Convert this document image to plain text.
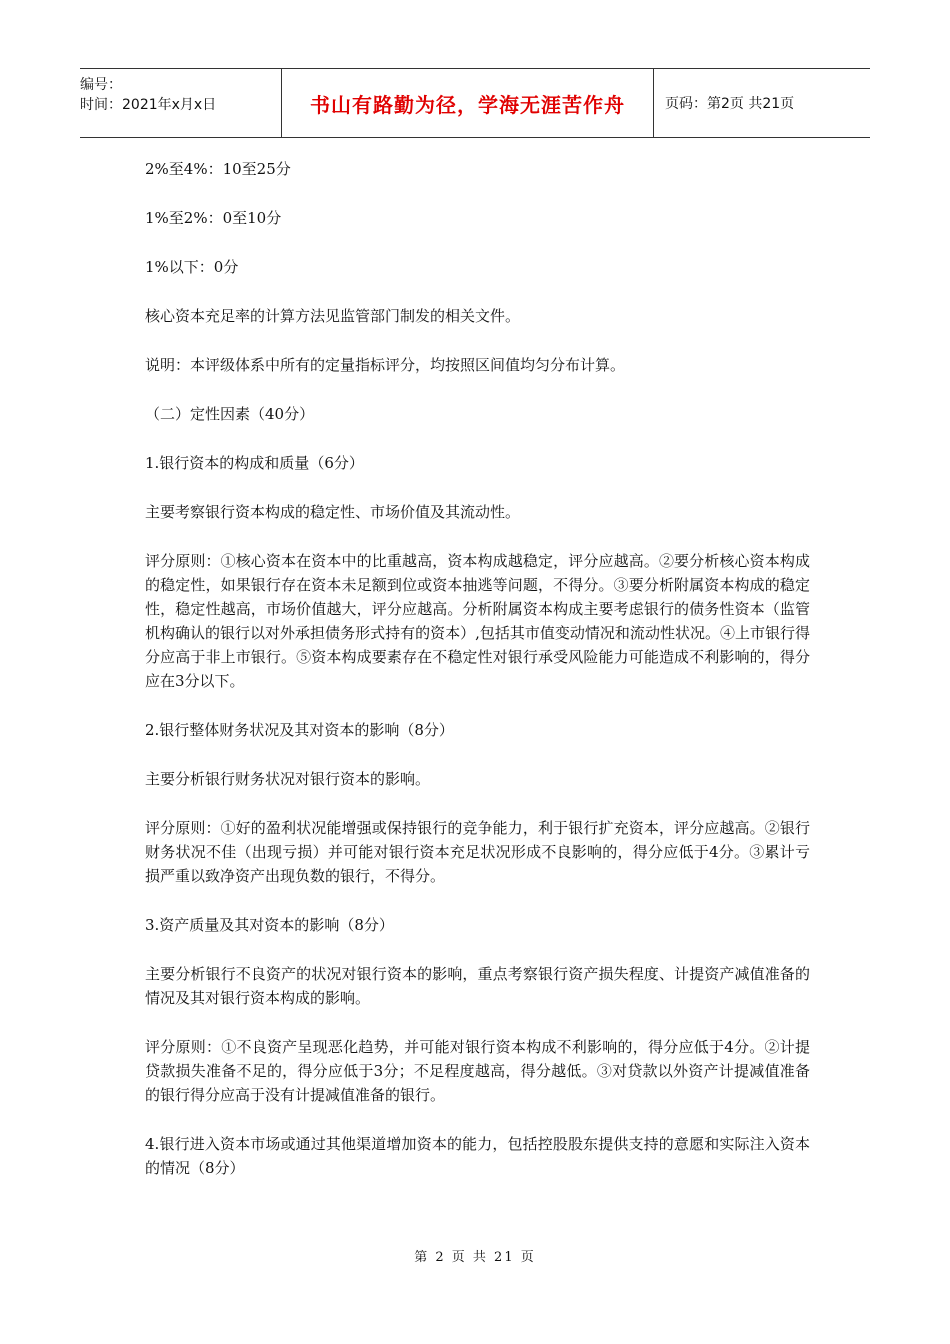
编号：
时间：2021年x月x日	书山有路勤为径，学海无涯苦作舟	页码：第2页 共21页

2%至4%：10至25分

1%至2%：0至10分

1%以下：0分

核心资本充足率的计算方法见监管部门制发的相关文件。

说明：本评级体系中所有的定量指标评分，均按照区间值均匀分布计算。

（二）定性因素（40分）

1.银行资本的构成和质量（6分）

主要考察银行资本构成的稳定性、市场价值及其流动性。

评分原则：①核心资本在资本中的比重越高，资本构成越稳定，评分应越高。②要分析核心资本构成的稳定性，如果银行存在资本未足额到位或资本抽逃等问题，不得分。③要分析附属资本构成的稳定性，稳定性越高，市场价值越大，评分应越高。分析附属资本构成主要考虑银行的债务性资本（监管机构确认的银行以对外承担债务形式持有的资本）,包括其市值变动情况和流动性状况。④上市银行得分应高于非上市银行。⑤资本构成要素存在不稳定性对银行承受风险能力可能造成不利影响的，得分应在3分以下。

2.银行整体财务状况及其对资本的影响（8分）

主要分析银行财务状况对银行资本的影响。

评分原则：①好的盈利状况能增强或保持银行的竞争能力，利于银行扩充资本，评分应越高。②银行财务状况不佳（出现亏损）并可能对银行资本充足状况形成不良影响的，得分应低于4分。③累计亏损严重以致净资产出现负数的银行，不得分。

3.资产质量及其对资本的影响（8分）

主要分析银行不良资产的状况对银行资本的影响，重点考察银行资产损失程度、计提资产减值准备的情况及其对银行资本构成的影响。

评分原则：①不良资产呈现恶化趋势，并可能对银行资本构成不利影响的，得分应低于4分。②计提贷款损失准备不足的，得分应低于3分；不足程度越高，得分越低。③对贷款以外资产计提减值准备的银行得分应高于没有计提减值准备的银行。

4.银行进入资本市场或通过其他渠道增加资本的能力，包括控股股东提供支持的意愿和实际注入资本的情况（8分）

第 2 页 共 21 页
